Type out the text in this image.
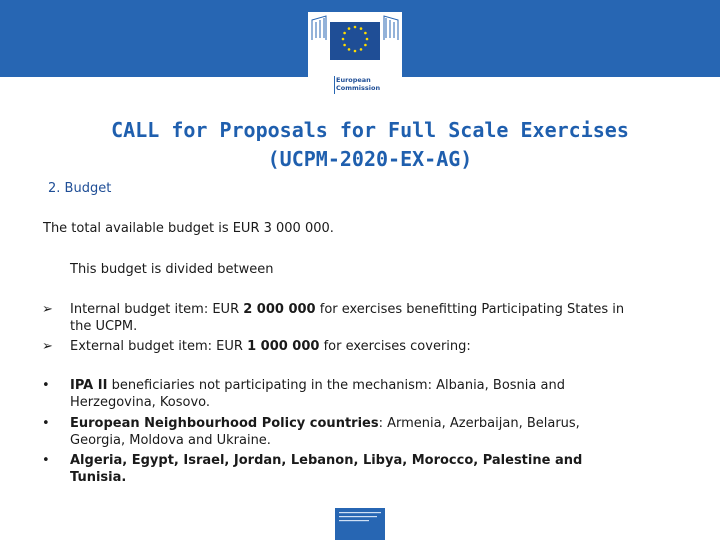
European
Commission
CALL for Proposals for Full Scale Exercises
(UCPM-2020-EX-AG)
2. Budget
The total available budget is EUR 3 000 000.
This budget is divided between
➢ Internal budget item: EUR 2 000 000 for exercises benefitting Participating States in
the UCPM.
➢ External budget item: EUR 1 000 000 for exercises covering:
• IPA II beneficiaries not participating in the mechanism: Albania, Bosnia and
Herzegovina, Kosovo.
• European Neighbourhood Policy countries: Armenia, Azerbaijan, Belarus,
Georgia, Moldova and Ukraine.
• Algeria, Egypt, Israel, Jordan, Lebanon, Libya, Morocco, Palestine and
Tunisia.
